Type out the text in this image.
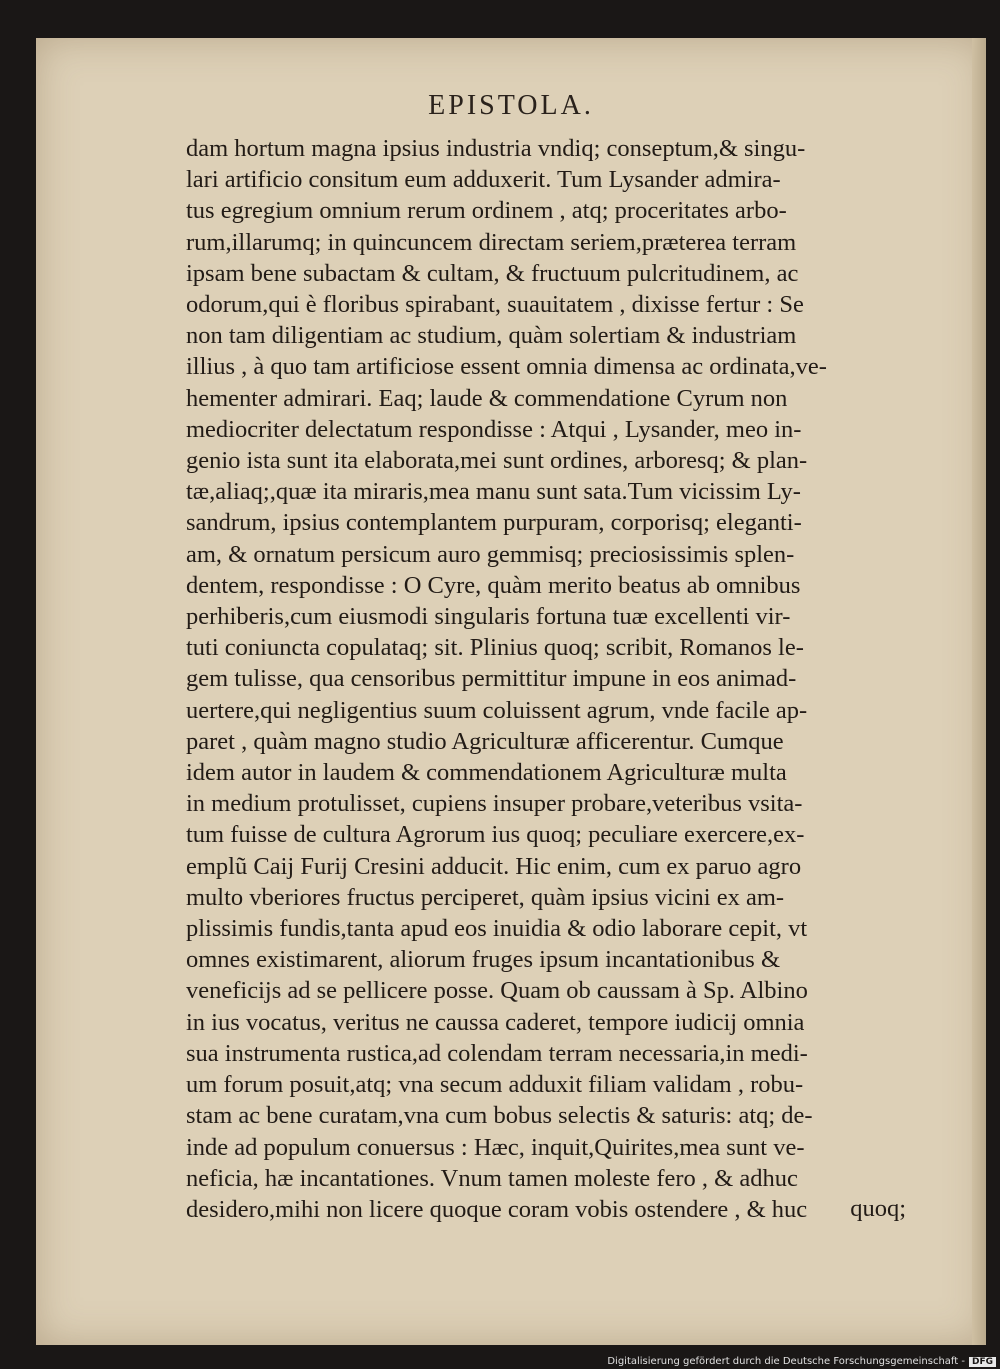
EPISTOLA.
dam hortum magna ipsius industria vndiq; conseptum,& singu-
lari artificio consitum eum adduxerit. Tum Lysander admira-
tus egregium omnium rerum ordinem , atq; proceritates arbo-
rum,illarumq; in quincuncem directam seriem,præterea terram
ipsam bene subactam & cultam, & fructuum pulcritudinem, ac
odorum,qui è floribus spirabant, suauitatem , dixisse fertur : Se
non tam diligentiam ac studium, quàm solertiam & industriam
illius , à quo tam artificiose essent omnia dimensa ac ordinata,ve-
hementer admirari. Eaq; laude & commendatione Cyrum non
mediocriter delectatum respondisse : Atqui , Lysander, meo in-
genio ista sunt ita elaborata,mei sunt ordines, arboresq; & plan-
tæ,aliaq;,quæ ita miraris,mea manu sunt sata.Tum vicissim Ly-
sandrum, ipsius contemplantem purpuram, corporisq; eleganti-
am, & ornatum persicum auro gemmisq; preciosissimis splen-
dentem, respondisse : O Cyre, quàm merito beatus ab omnibus
perhiberis,cum eiusmodi singularis fortuna tuæ excellenti vir-
tuti coniuncta copulataq; sit. Plinius quoq; scribit, Romanos le-
gem tulisse, qua censoribus permittitur impune in eos animad-
uertere,qui negligentius suum coluissent agrum, vnde facile ap-
paret , quàm magno studio Agriculturæ afficerentur. Cumque
idem autor in laudem & commendationem Agriculturæ multa
in medium protulisset, cupiens insuper probare,veteribus vsita-
tum fuisse de cultura Agrorum ius quoq; peculiare exercere,ex-
emplũ Caij Furij Cresini adducit. Hic enim, cum ex paruo agro
multo vberiores fructus perciperet, quàm ipsius vicini ex am-
plissimis fundis,tanta apud eos inuidia & odio laborare cepit, vt
omnes existimarent, aliorum fruges ipsum incantationibus &
veneficijs ad se pellicere posse. Quam ob caussam à Sp. Albino
in ius vocatus, veritus ne caussa caderet, tempore iudicij omnia
sua instrumenta rustica,ad colendam terram necessaria,in medi-
um forum posuit,atq; vna secum adduxit filiam validam , robu-
stam ac bene curatam,vna cum bobus selectis & saturis: atq; de-
inde ad populum conuersus : Hæc, inquit,Quirites,mea sunt ve-
neficia, hæ incantationes. Vnum tamen moleste fero , & adhuc
desidero,mihi non licere quoque coram vobis ostendere , & huc	quoq;
Digitalisierung gefördert durch die Deutsche Forschungsgemeinschaft - DFG
